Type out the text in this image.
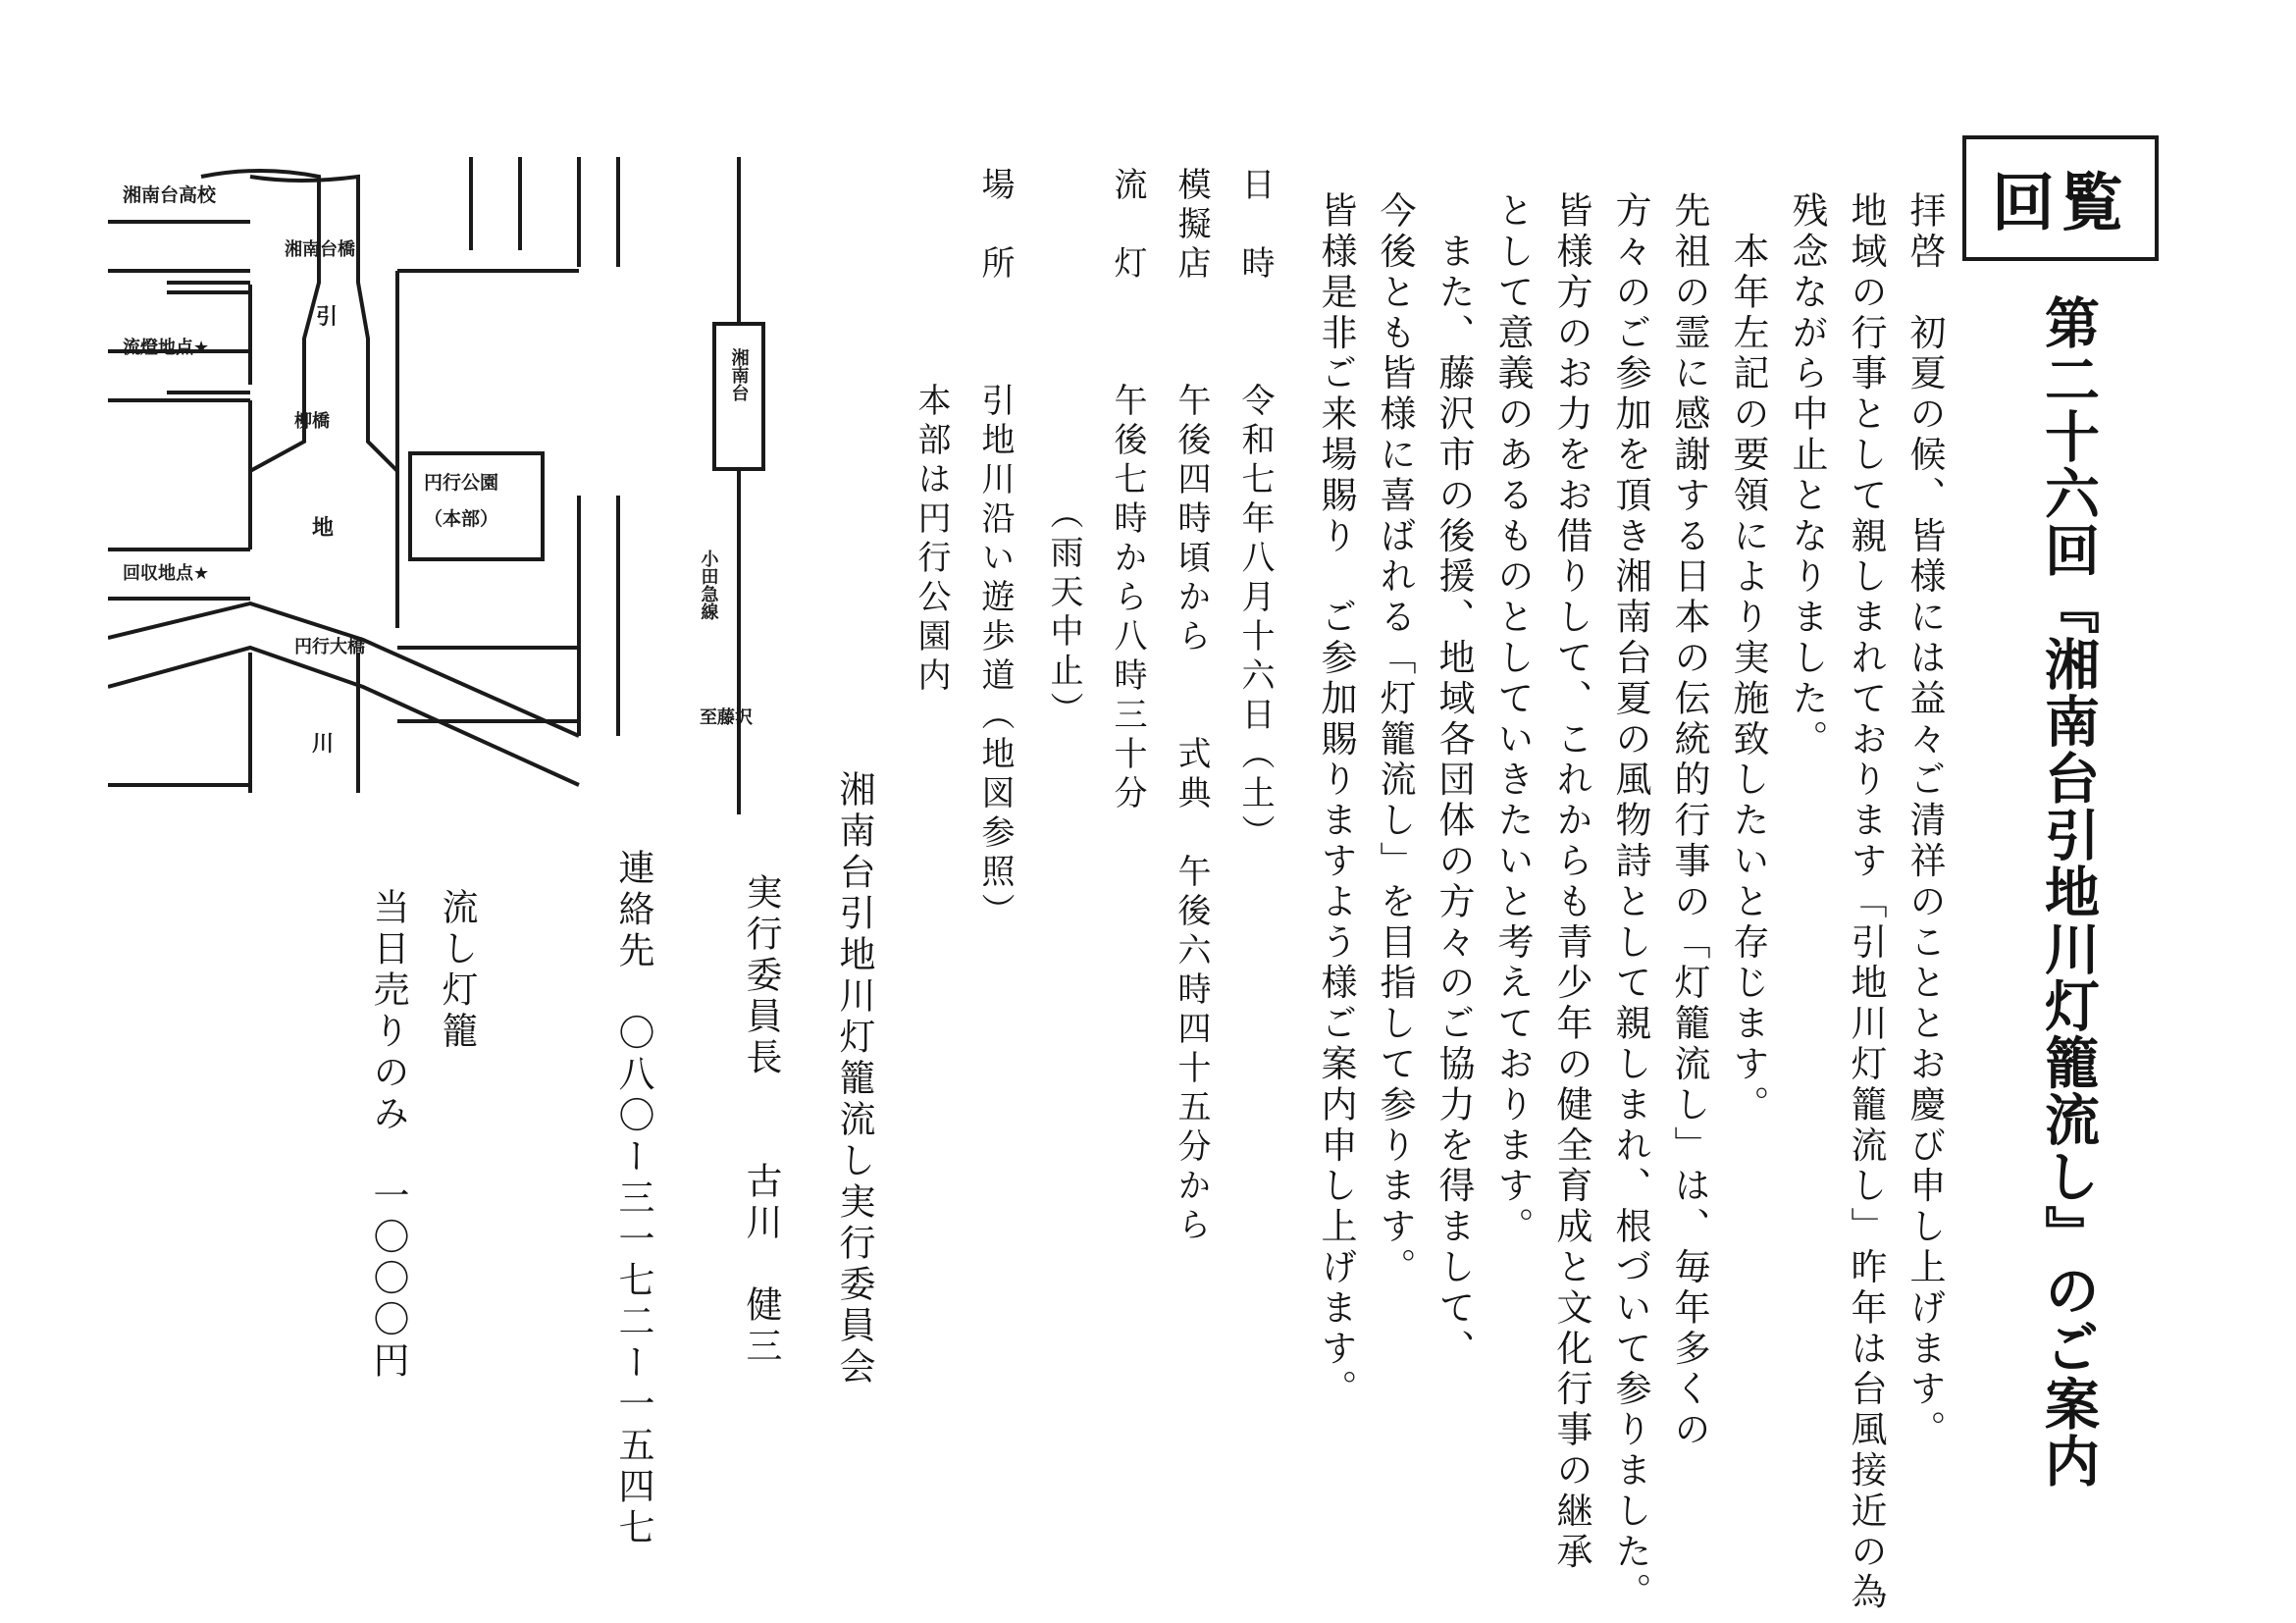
回覧
第二十六回『湘南台引地川灯籠流し』のご案内
拝啓　初夏の候、皆様には益々ご清祥のこととお慶び申し上げます。
地域の行事として親しまれております「引地川灯籠流し」昨年は台風接近の為
残念ながら中止となりました。
　本年左記の要領により実施致したいと存じます。
先祖の霊に感謝する日本の伝統的行事の「灯籠流し」は、毎年多くの
方々のご参加を頂き湘南台夏の風物詩として親しまれ、根づいて参りました。
皆様方のお力をお借りして、これからも青少年の健全育成と文化行事の継承
として意義のあるものとしていきたいと考えております。
　また、藤沢市の後援、地域各団体の方々のご協力を得まして、
今後とも皆様に喜ばれる「灯籠流し」を目指して参ります。
皆様是非ご来場賜り　ご参加賜りますよう様ご案内申し上げます。
日　時
令和七年八月十六日（土）
模擬店
午後四時頃から　　式典　午後六時四十五分から
流　灯
午後七時から八時三十分
（雨天中止）
場　所
引地川沿い遊歩道（地図参照）
本部は円行公園内
湘南台引地川灯籠流し実行委員会
実行委員長　　古川　健三
連絡先　〇八〇ー三一七二ー一五四七
流し灯籠
当日売りのみ　一〇〇〇円
湘南台高校
湘南台橋
引
流燈地点★
柳橋
円行公園
（本部）
地
回収地点★
円行大橋
川
至藤沢
湘南台
小田急線
